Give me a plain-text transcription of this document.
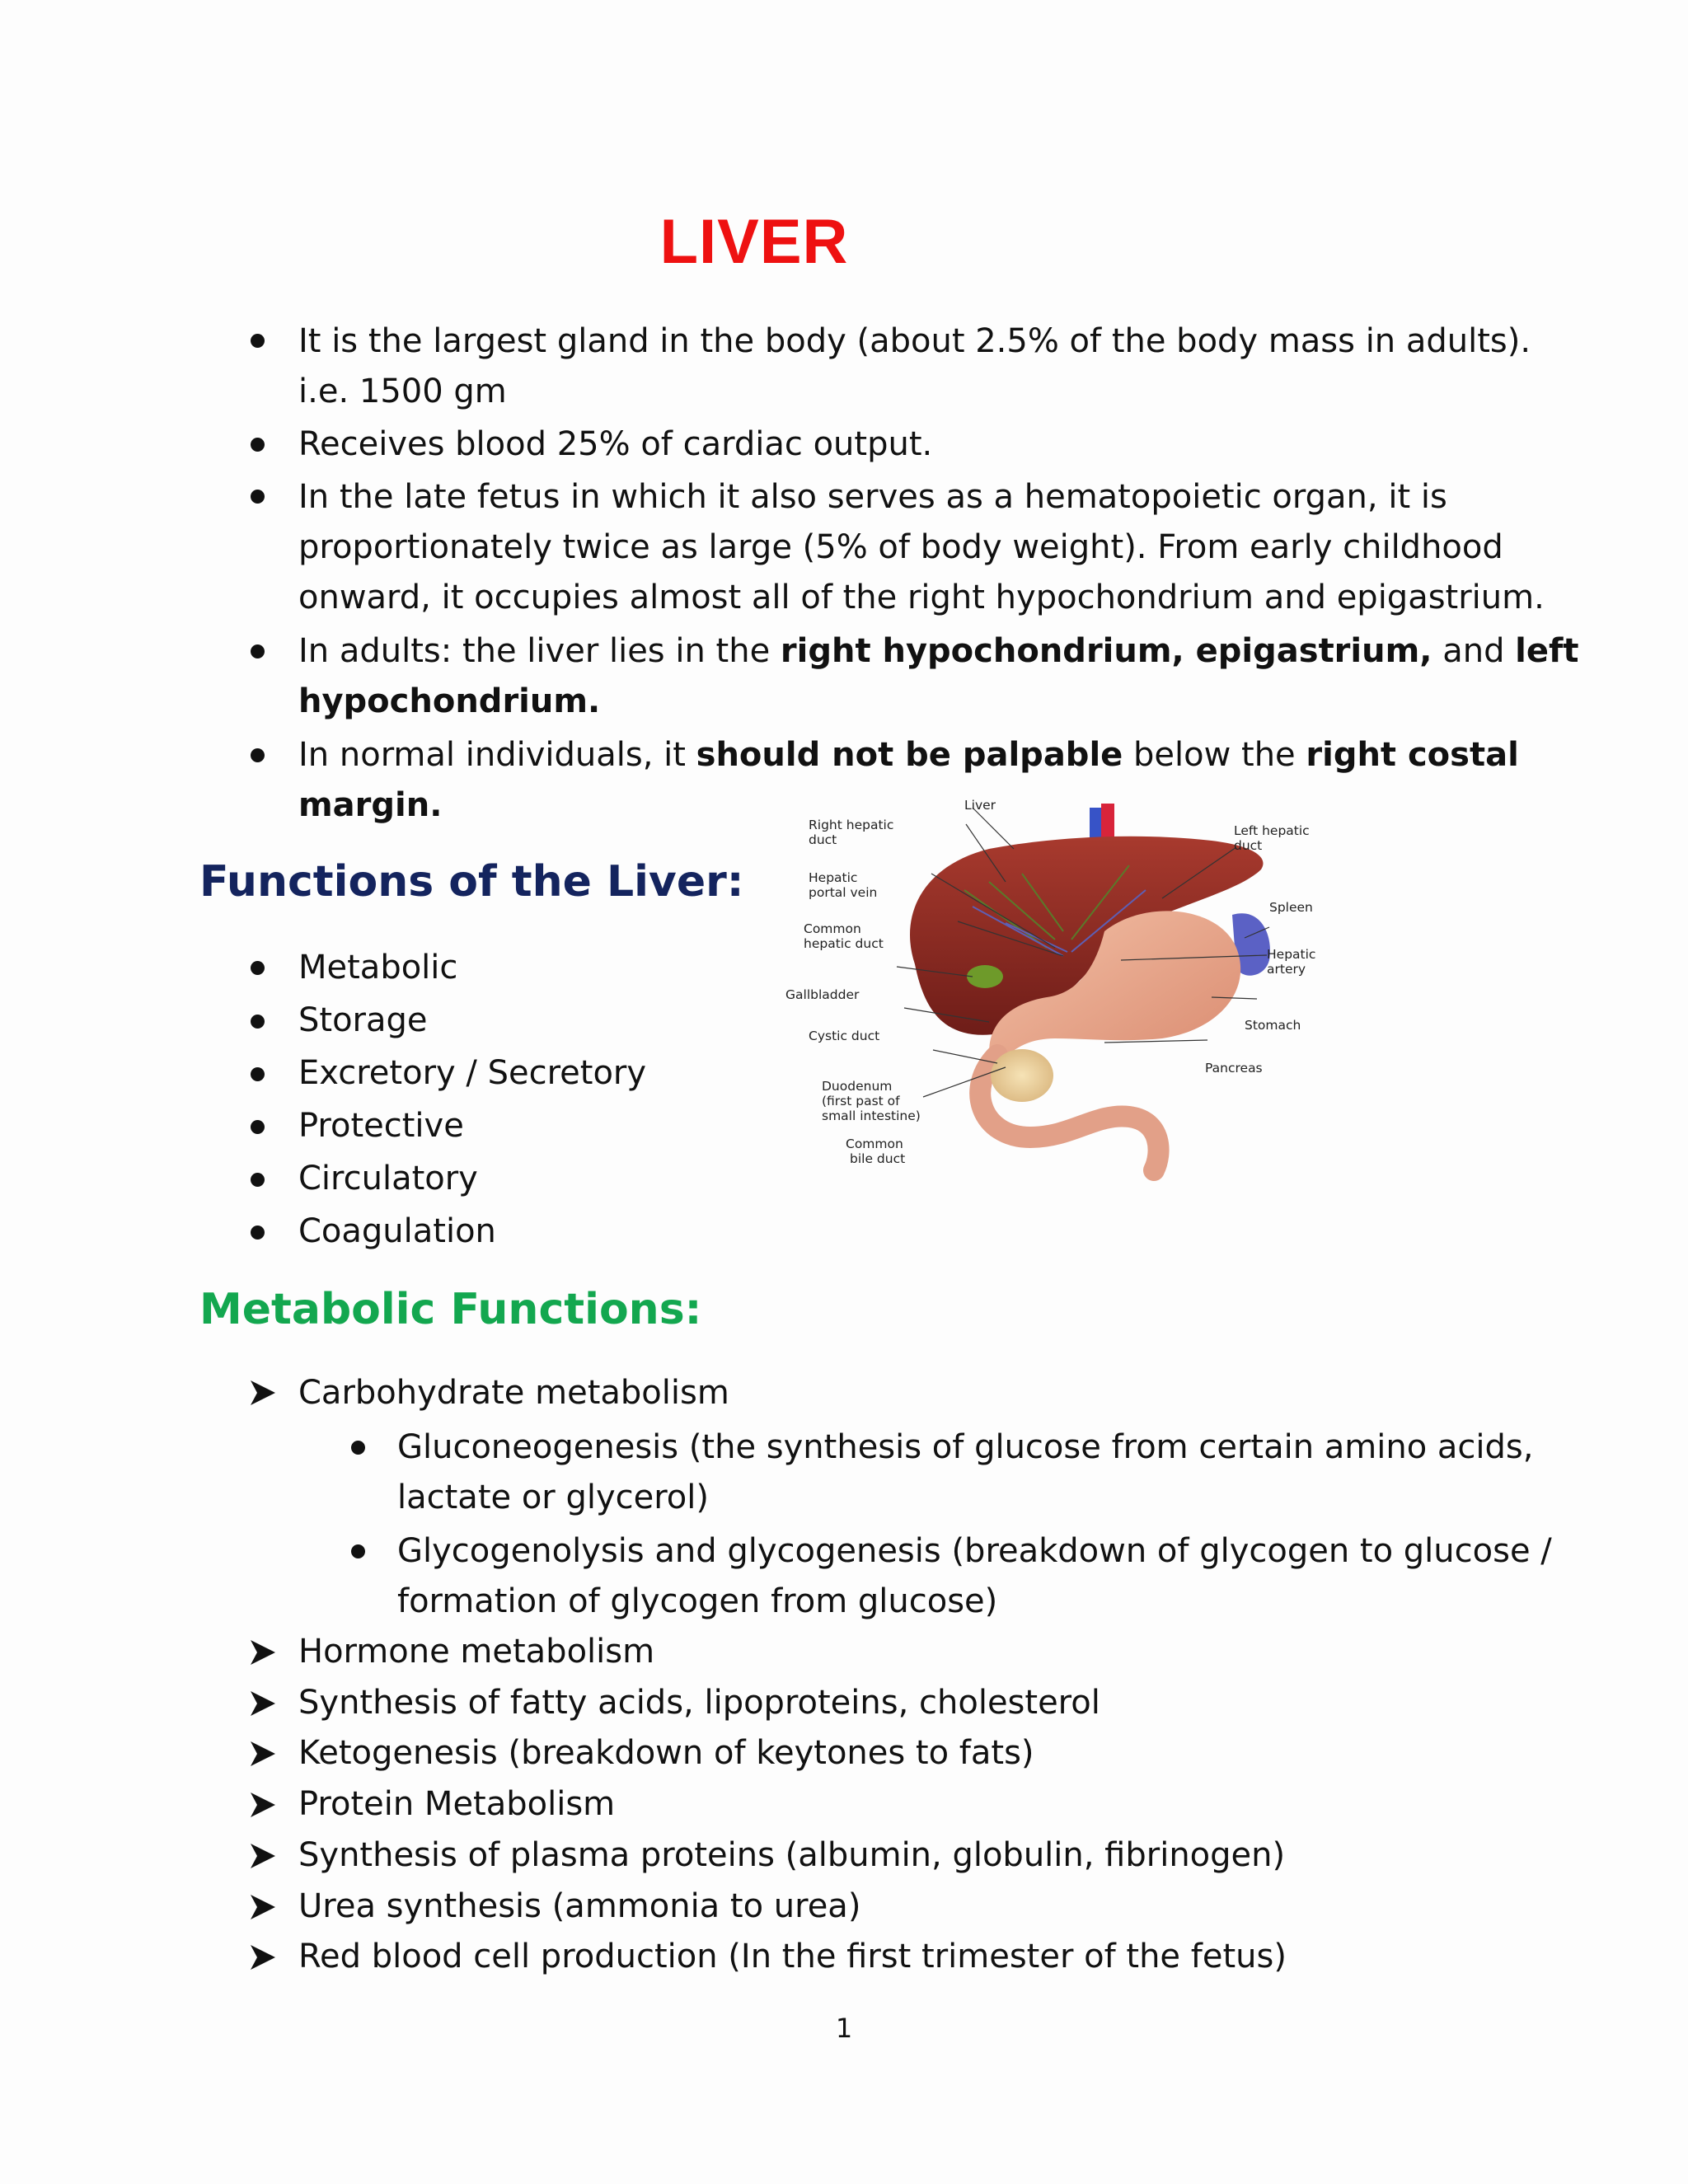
LIVER
It is the largest gland in the body (about 2.5% of the body mass in adults).
i.e. 1500 gm
Receives blood 25% of cardiac output.
In the late fetus in which it also serves as a hematopoietic organ, it is
proportionately twice as large (5% of body weight). From early childhood
onward, it occupies almost all of the right hypochondrium and epigastrium.
In adults: the liver lies in the right hypochondrium, epigastrium, and left
hypochondrium.
In normal individuals, it should not be palpable below the right costal
margin.
Functions of the Liver:
Metabolic
Storage
Excretory / Secretory
Protective
Circulatory
Coagulation
Liver
Right hepatic
duct
Hepatic
portal vein
Common
hepatic duct
Gallbladder
Cystic duct
Duodenum
(first past of
small intestine)
Common
bile duct
Left hepatic
duct
Spleen
Hepatic
artery
Stomach
Pancreas
Metabolic Functions:
Carbohydrate metabolism
Gluconeogenesis (the synthesis of glucose from certain amino acids,
lactate or glycerol)
Glycogenolysis and glycogenesis (breakdown of glycogen to glucose /
formation of glycogen from glucose)
Hormone metabolism
Synthesis of fatty acids, lipoproteins, cholesterol
Ketogenesis (breakdown of keytones to fats)
Protein Metabolism
Synthesis of plasma proteins (albumin, globulin, fibrinogen)
Urea synthesis (ammonia to urea)
Red blood cell production (In the first trimester of the fetus)
1
